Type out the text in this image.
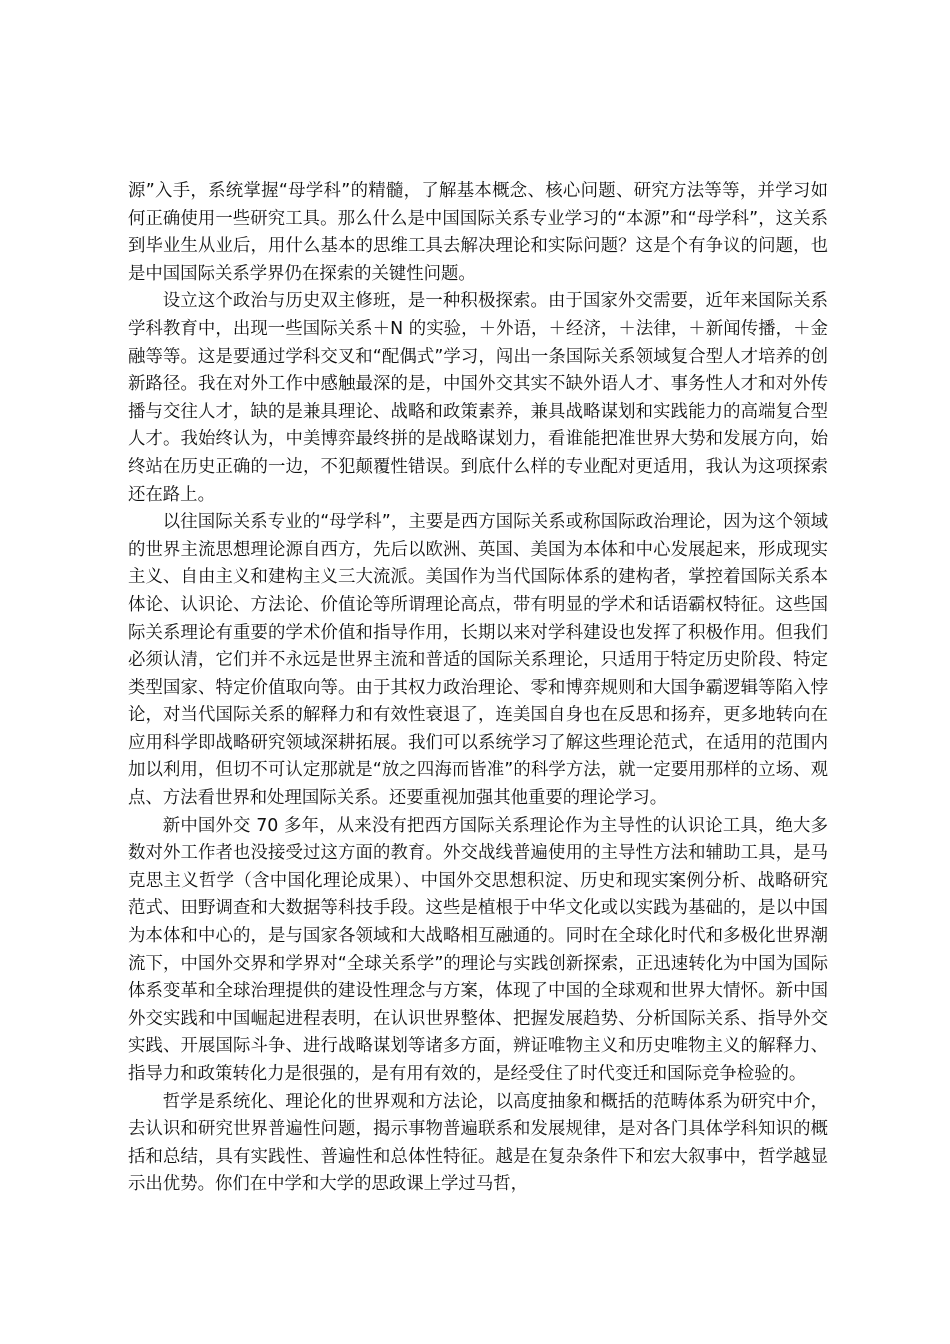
源”入手，系统掌握“母学科”的精髓，了解基本概念、核心问题、研究方法等等，并学习如何正确使用一些研究工具。那么什么是中国国际关系专业学习的“本源”和“母学科”，这关系到毕业生从业后，用什么基本的思维工具去解决理论和实际问题？这是个有争议的问题，也是中国国际关系学界仍在探索的关键性问题。

设立这个政治与历史双主修班，是一种积极探索。由于国家外交需要，近年来国际关系学科教育中，出现一些国际关系＋N 的实验，＋外语，＋经济，＋法律，＋新闻传播，＋金融等等。这是要通过学科交叉和“配偶式”学习，闯出一条国际关系领域复合型人才培养的创新路径。我在对外工作中感触最深的是，中国外交其实不缺外语人才、事务性人才和对外传播与交往人才，缺的是兼具理论、战略和政策素养，兼具战略谋划和实践能力的高端复合型人才。我始终认为，中美博弈最终拼的是战略谋划力，看谁能把准世界大势和发展方向，始终站在历史正确的一边，不犯颠覆性错误。到底什么样的专业配对更适用，我认为这项探索还在路上。

以往国际关系专业的“母学科”，主要是西方国际关系或称国际政治理论，因为这个领域的世界主流思想理论源自西方，先后以欧洲、英国、美国为本体和中心发展起来，形成现实主义、自由主义和建构主义三大流派。美国作为当代国际体系的建构者，掌控着国际关系本体论、认识论、方法论、价值论等所谓理论高点，带有明显的学术和话语霸权特征。这些国际关系理论有重要的学术价值和指导作用，长期以来对学科建设也发挥了积极作用。但我们必须认清，它们并不永远是世界主流和普适的国际关系理论，只适用于特定历史阶段、特定类型国家、特定价值取向等。由于其权力政治理论、零和博弈规则和大国争霸逻辑等陷入悖论，对当代国际关系的解释力和有效性衰退了，连美国自身也在反思和扬弃，更多地转向在应用科学即战略研究领域深耕拓展。我们可以系统学习了解这些理论范式，在适用的范围内加以利用，但切不可认定那就是“放之四海而皆准”的科学方法，就一定要用那样的立场、观点、方法看世界和处理国际关系。还要重视加强其他重要的理论学习。

新中国外交 70 多年，从来没有把西方国际关系理论作为主导性的认识论工具，绝大多数对外工作者也没接受过这方面的教育。外交战线普遍使用的主导性方法和辅助工具，是马克思主义哲学（含中国化理论成果）、中国外交思想积淀、历史和现实案例分析、战略研究范式、田野调查和大数据等科技手段。这些是植根于中华文化或以实践为基础的，是以中国为本体和中心的，是与国家各领域和大战略相互融通的。同时在全球化时代和多极化世界潮流下，中国外交界和学界对“全球关系学”的理论与实践创新探索，正迅速转化为中国为国际体系变革和全球治理提供的建设性理念与方案，体现了中国的全球观和世界大情怀。新中国外交实践和中国崛起进程表明，在认识世界整体、把握发展趋势、分析国际关系、指导外交实践、开展国际斗争、进行战略谋划等诸多方面，辨证唯物主义和历史唯物主义的解释力、指导力和政策转化力是很强的，是有用有效的，是经受住了时代变迁和国际竞争检验的。

哲学是系统化、理论化的世界观和方法论，以高度抽象和概括的范畴体系为研究中介，去认识和研究世界普遍性问题，揭示事物普遍联系和发展规律，是对各门具体学科知识的概括和总结，具有实践性、普遍性和总体性特征。越是在复杂条件下和宏大叙事中，哲学越显示出优势。你们在中学和大学的思政课上学过马哲，
